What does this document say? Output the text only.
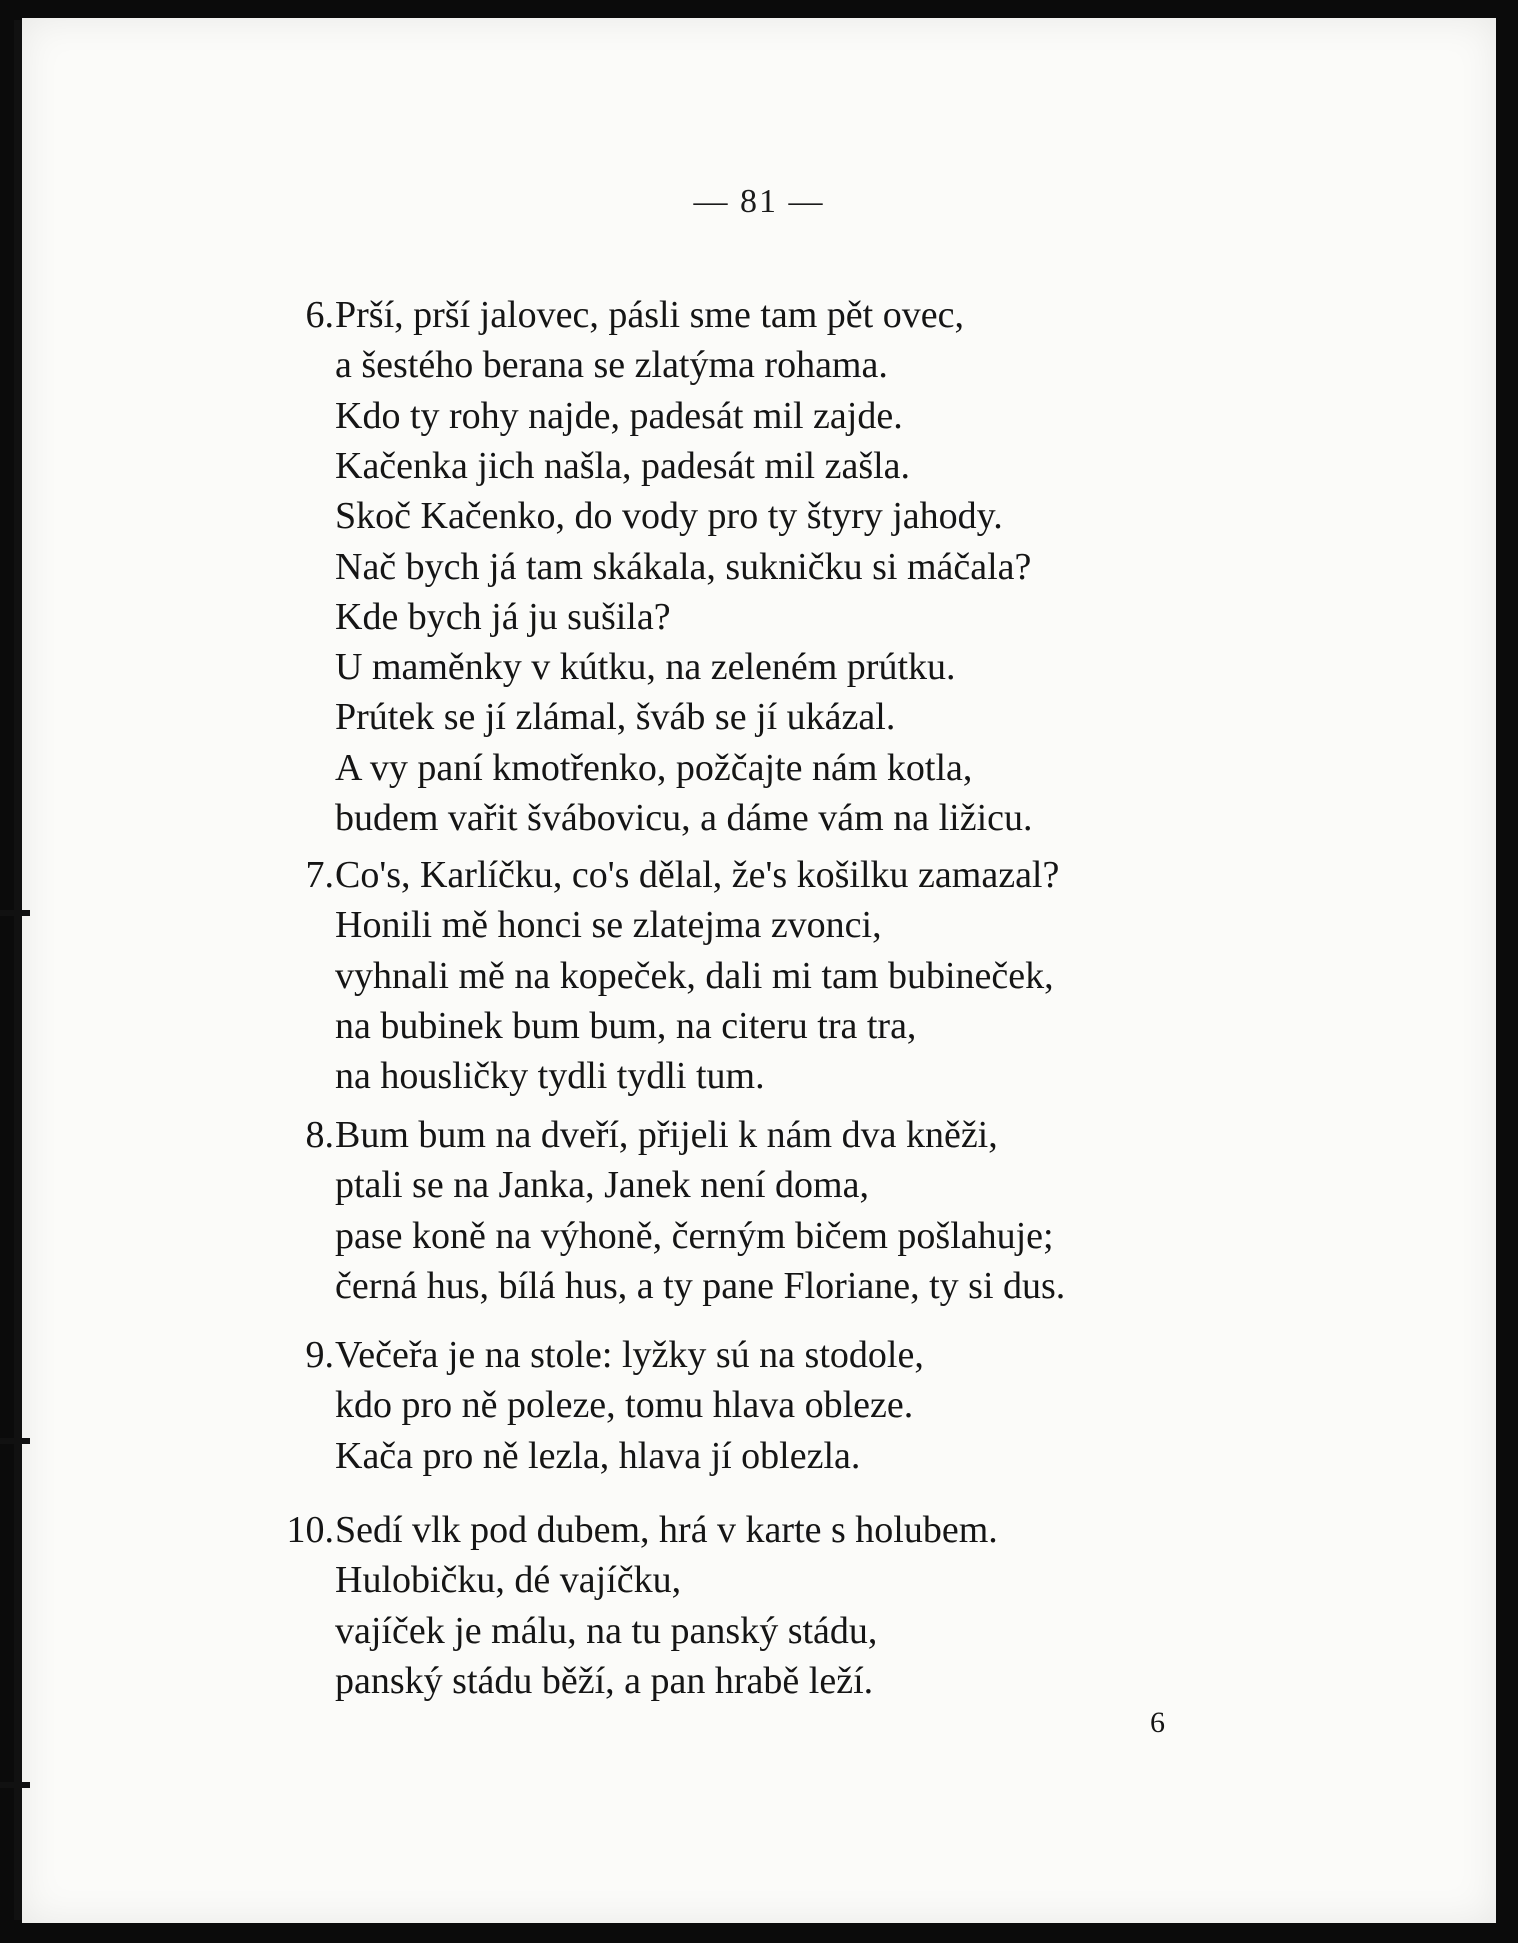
— 81 —
6. Prší, prší jalovec, pásli sme tam pět ovec,
a šestého berana se zlatýma rohama.
Kdo ty rohy najde, padesát mil zajde.
Kačenka jich našla, padesát mil zašla.
Skoč Kačenko, do vody pro ty štyry jahody.
Nač bych já tam skákala, sukničku si máčala?
Kde bych já ju sušila?
U maměnky v kútku, na zeleném prútku.
Prútek se jí zlámal, šváb se jí ukázal.
A vy paní kmotřenko, požčajte nám kotla,
budem vařit švábovicu, a dáme vám na ližicu.
7. Co's, Karlíčku, co's dělal, že's košilku zamazal?
Honili mě honci se zlatejma zvonci,
vyhnali mě na kopeček, dali mi tam bubineček,
na bubinek bum bum, na citeru tra tra,
na housličky tydli tydli tum.
8. Bum bum na dveří, přijeli k nám dva kněži,
ptali se na Janka, Janek není doma,
pase koně na výhoně, černým bičem pošlahuje;
černá hus, bílá hus, a ty pane Floriane, ty si dus.
9. Večeřa je na stole: lyžky sú na stodole,
kdo pro ně poleze, tomu hlava obleze.
Kača pro ně lezla, hlava jí oblezla.
10. Sedí vlk pod dubem, hrá v karte s holubem.
Hulobičku, dé vajíčku,
vajíček je málu, na tu panský stádu,
panský stádu běží, a pan hrabě leží.
6
